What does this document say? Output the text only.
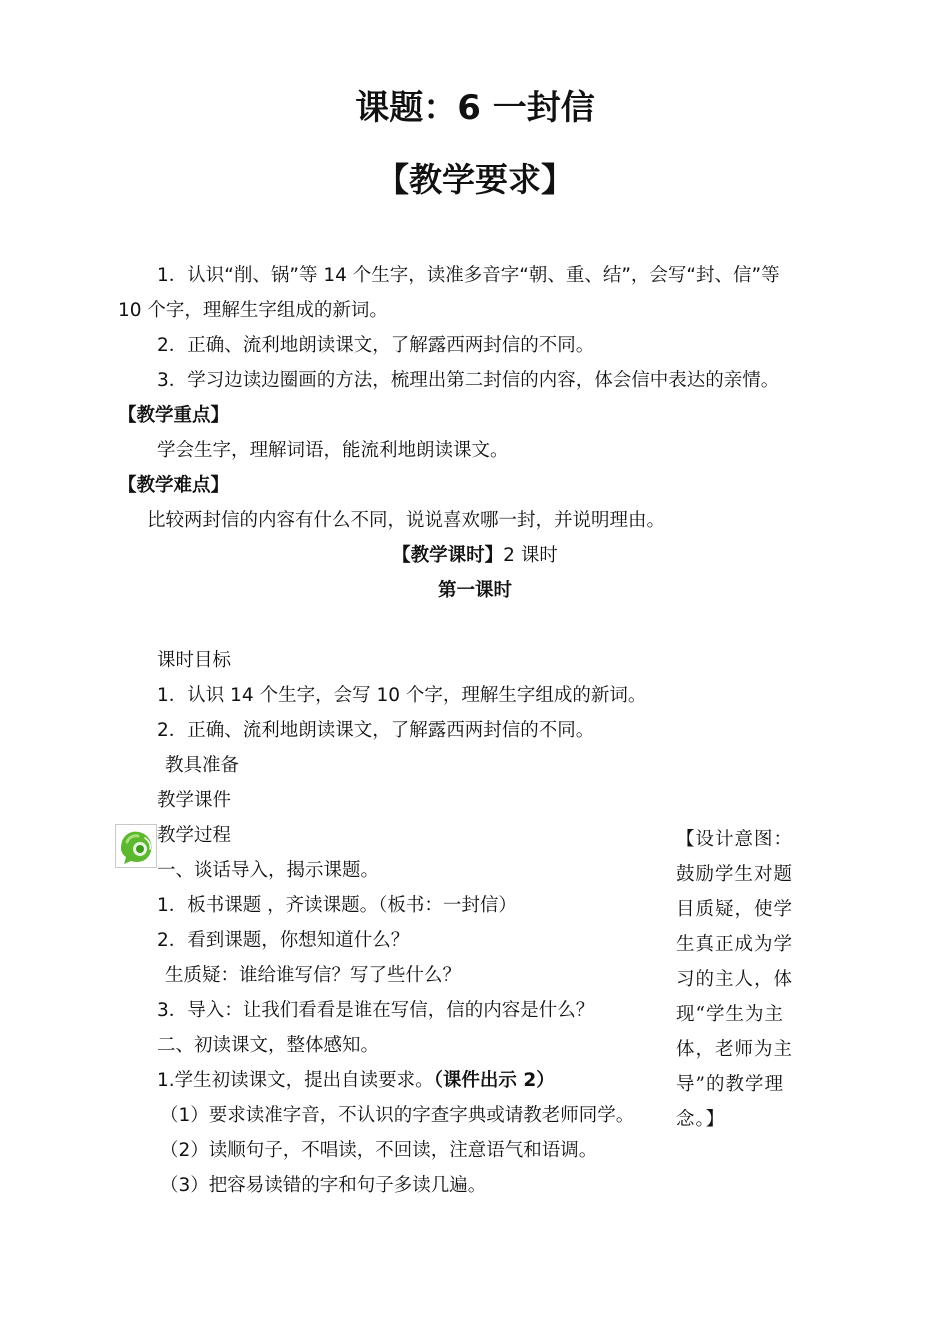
课题：6 一封信
【教学要求】
1．认识“削、锅”等 14 个生字，读准多音字“朝、重、结”，会写“封、信”等
10 个字，理解生字组成的新词。
2．正确、流利地朗读课文，了解露西两封信的不同。
3．学习边读边圈画的方法，梳理出第二封信的内容，体会信中表达的亲情。
【教学重点】
学会生字，理解词语，能流利地朗读课文。
【教学难点】
比较两封信的内容有什么不同，说说喜欢哪一封，并说明理由。
【教学课时】2 课时
第一课时
课时目标
1．认识 14 个生字，会写 10 个字，理解生字组成的新词。
2．正确、流利地朗读课文，了解露西两封信的不同。
教具准备
教学课件
教学过程
一、谈话导入，揭示课题。
1．板书课题 ，齐读课题。（板书：一封信）
2．看到课题，你想知道什么？
生质疑：谁给谁写信？写了些什么？
3．导入：让我们看看是谁在写信，信的内容是什么？
二、初读课文，整体感知。
1.学生初读课文，提出自读要求。（课件出示 2）
（1）要求读准字音，不认识的字查字典或请教老师同学。
（2）读顺句子，不唱读，不回读，注意语气和语调。
（3）把容易读错的字和句子多读几遍。
【设计意图：
鼓励学生对题
目质疑，使学
生真正成为学
习的主人，体
现“学生为主
体，老师为主
导”的教学理
念。】
